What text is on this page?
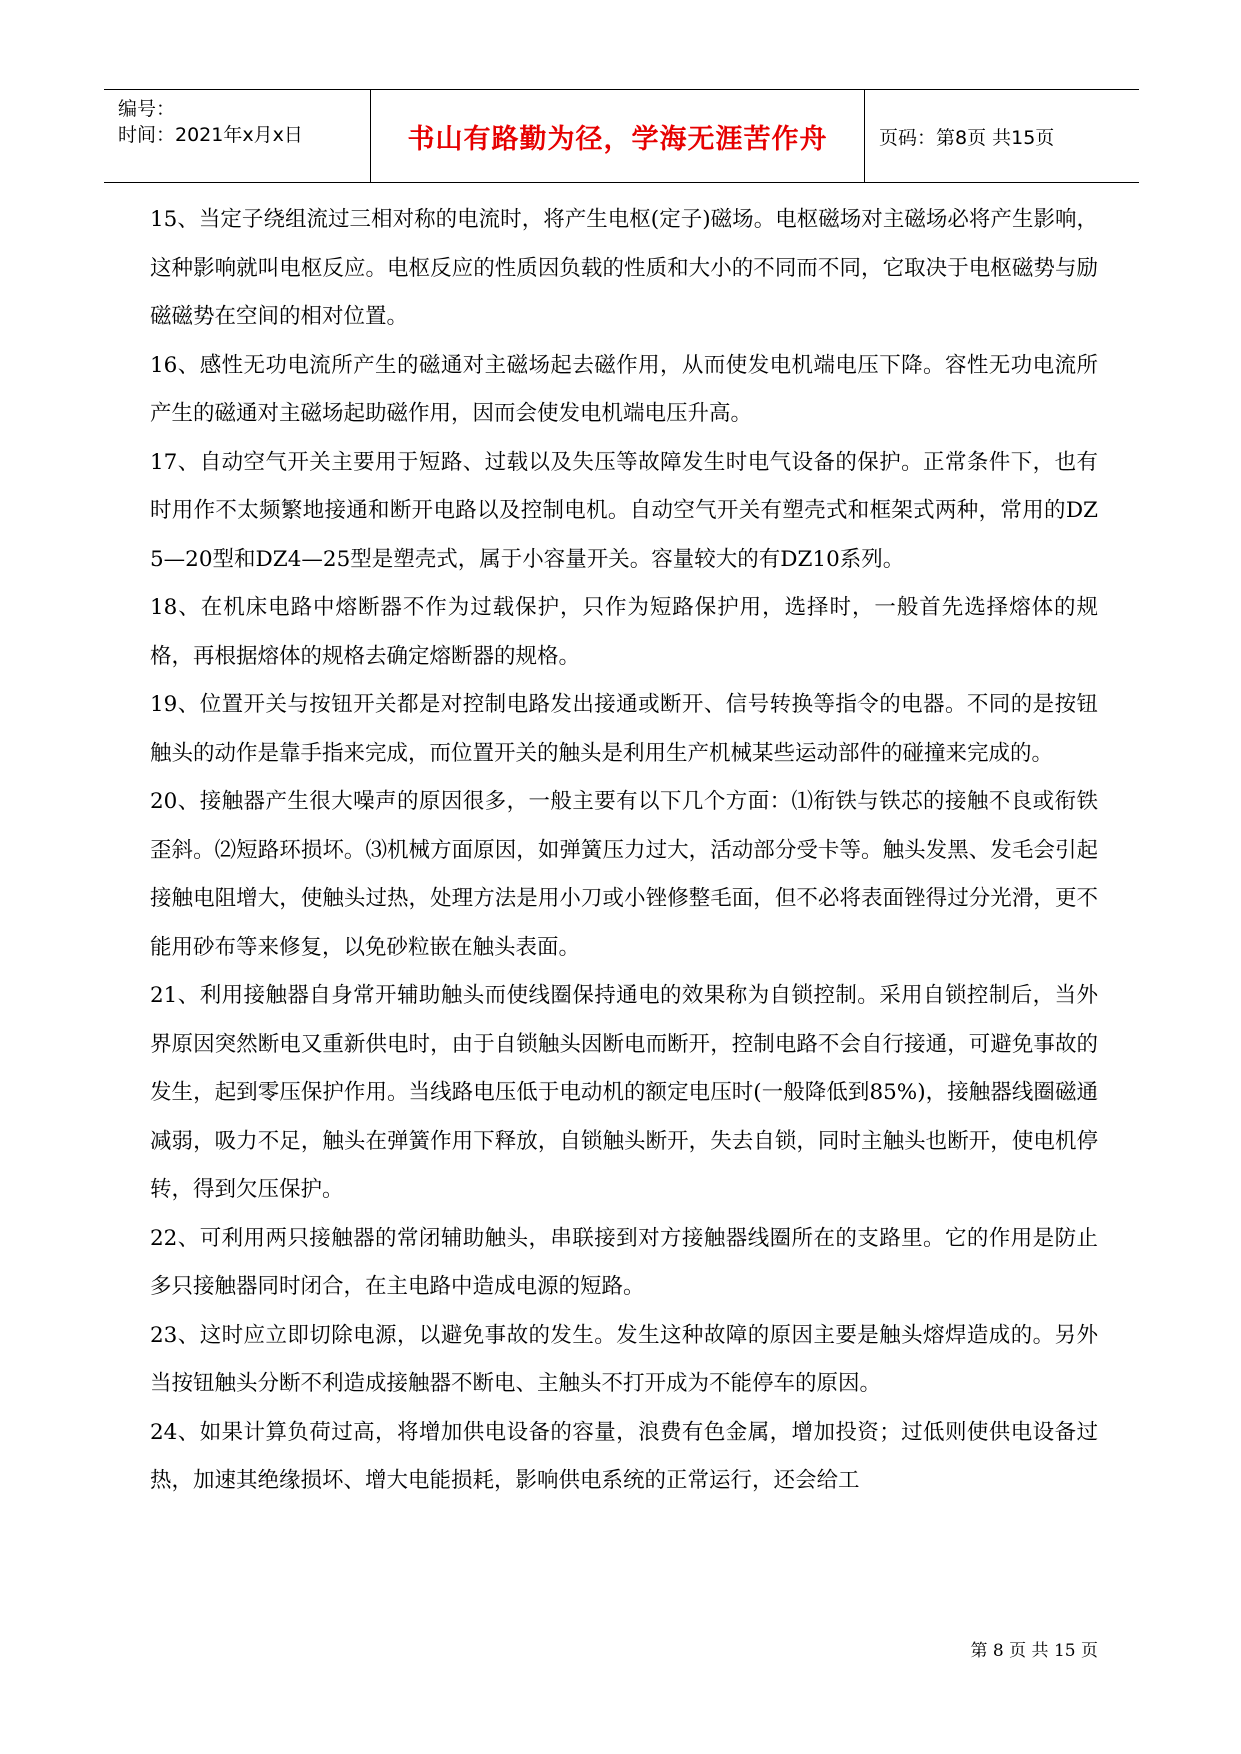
编号：
时间：2021年x月x日	书山有路勤为径，学海无涯苦作舟	页码：第8页 共15页

15、当定子绕组流过三相对称的电流时，将产生电枢(定子)磁场。电枢磁场对主磁场必将产生影响，这种影响就叫电枢反应。电枢反应的性质因负载的性质和大小的不同而不同，它取决于电枢磁势与励磁磁势在空间的相对位置。

16、感性无功电流所产生的磁通对主磁场起去磁作用，从而使发电机端电压下降。容性无功电流所产生的磁通对主磁场起助磁作用，因而会使发电机端电压升高。

17、自动空气开关主要用于短路、过载以及失压等故障发生时电气设备的保护。正常条件下，也有时用作不太频繁地接通和断开电路以及控制电机。自动空气开关有塑壳式和框架式两种，常用的DZ5—20型和DZ4—25型是塑壳式，属于小容量开关。容量较大的有DZ10系列。

18、在机床电路中熔断器不作为过载保护，只作为短路保护用，选择时，一般首先选择熔体的规格，再根据熔体的规格去确定熔断器的规格。

19、位置开关与按钮开关都是对控制电路发出接通或断开、信号转换等指令的电器。不同的是按钮触头的动作是靠手指来完成，而位置开关的触头是利用生产机械某些运动部件的碰撞来完成的。

20、接触器产生很大噪声的原因很多，一般主要有以下几个方面：⑴衔铁与铁芯的接触不良或衔铁歪斜。⑵短路环损坏。⑶机械方面原因，如弹簧压力过大，活动部分受卡等。触头发黑、发毛会引起接触电阻增大，使触头过热，处理方法是用小刀或小锉修整毛面，但不必将表面锉得过分光滑，更不能用砂布等来修复，以免砂粒嵌在触头表面。

21、利用接触器自身常开辅助触头而使线圈保持通电的效果称为自锁控制。采用自锁控制后，当外界原因突然断电又重新供电时，由于自锁触头因断电而断开，控制电路不会自行接通，可避免事故的发生，起到零压保护作用。当线路电压低于电动机的额定电压时(一般降低到85%)，接触器线圈磁通减弱，吸力不足，触头在弹簧作用下释放，自锁触头断开，失去自锁，同时主触头也断开，使电机停转，得到欠压保护。

22、可利用两只接触器的常闭辅助触头，串联接到对方接触器线圈所在的支路里。它的作用是防止多只接触器同时闭合，在主电路中造成电源的短路。

23、这时应立即切除电源，以避免事故的发生。发生这种故障的原因主要是触头熔焊造成的。另外当按钮触头分断不利造成接触器不断电、主触头不打开成为不能停车的原因。

24、如果计算负荷过高，将增加供电设备的容量，浪费有色金属，增加投资；过低则使供电设备过热，加速其绝缘损坏、增大电能损耗，影响供电系统的正常运行，还会给工

第 8 页 共 15 页
